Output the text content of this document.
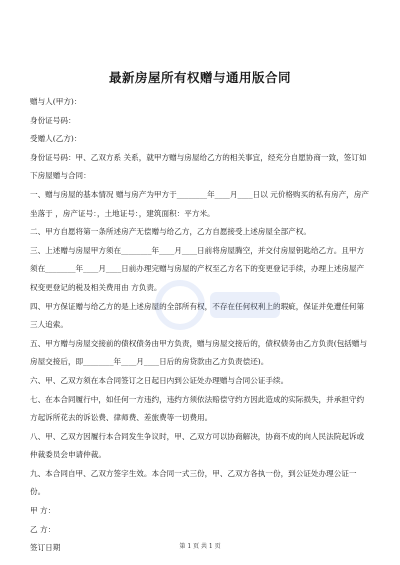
最新房屋所有权赠与通用版合同

赠与人(甲方)：

身份证号码：

受赠人(乙方)：

身份证号码：甲、乙双方系 关系，就甲方赠与房屋给乙方的相关事宜，经充分自愿协商一致，签订如下房屋赠与合同：

一、赠与房屋的基本情况 赠与房产为甲方于________年____月____日以 元价格购买的私有房产，房产坐落于 ，房产证号：，土地证号：，建筑面积：平方米。

二、甲方自愿将第一条所述房产无偿赠与给乙方，乙方自愿接受上述房屋全部产权。

三、上述赠与房屋甲方须在________年____月____日前将房屋腾空，并交付房屋钥匙给乙方。且甲方须在________年____月____日前办理完赠与房屋的产权至乙方名下的变更登记手续，办理上述房屋产权变更登记的税及相关费用由 方负责。

四、甲方保证赠与给乙方的是上述房屋的全部所有权，不存在任何权利上的瑕疵，保证并免遭任何第三人追索。

五、甲方赠与房屋交接前的债权债务由甲方负责，赠与房屋交接后的，债权债务由乙方负责(包括赠与房屋交接后，即________年____月____日后的房贷款由乙方负责偿还)。

六、甲、乙双方须在本合同签订之日起日内到公证处办理赠与合同公证手续。

七、在本合同履行中，如任何一方违约，违约方须依法赔偿守约方因此造成的实际损失，并承担守约方起诉所花去的诉讼费、律师费、差旅费等一切费用。

八、甲、乙双方因履行本合同发生争议时，甲、乙双方可以协商解决，协商不成的向人民法院起诉或 仲裁委员会申请仲裁。

九、本合同自甲、乙双方签字生效。本合同一式三份，甲、乙双方各执一份，到公证处办理公证一份。

甲 方：

乙 方：

签订日期	第 1 页 共 1 页
